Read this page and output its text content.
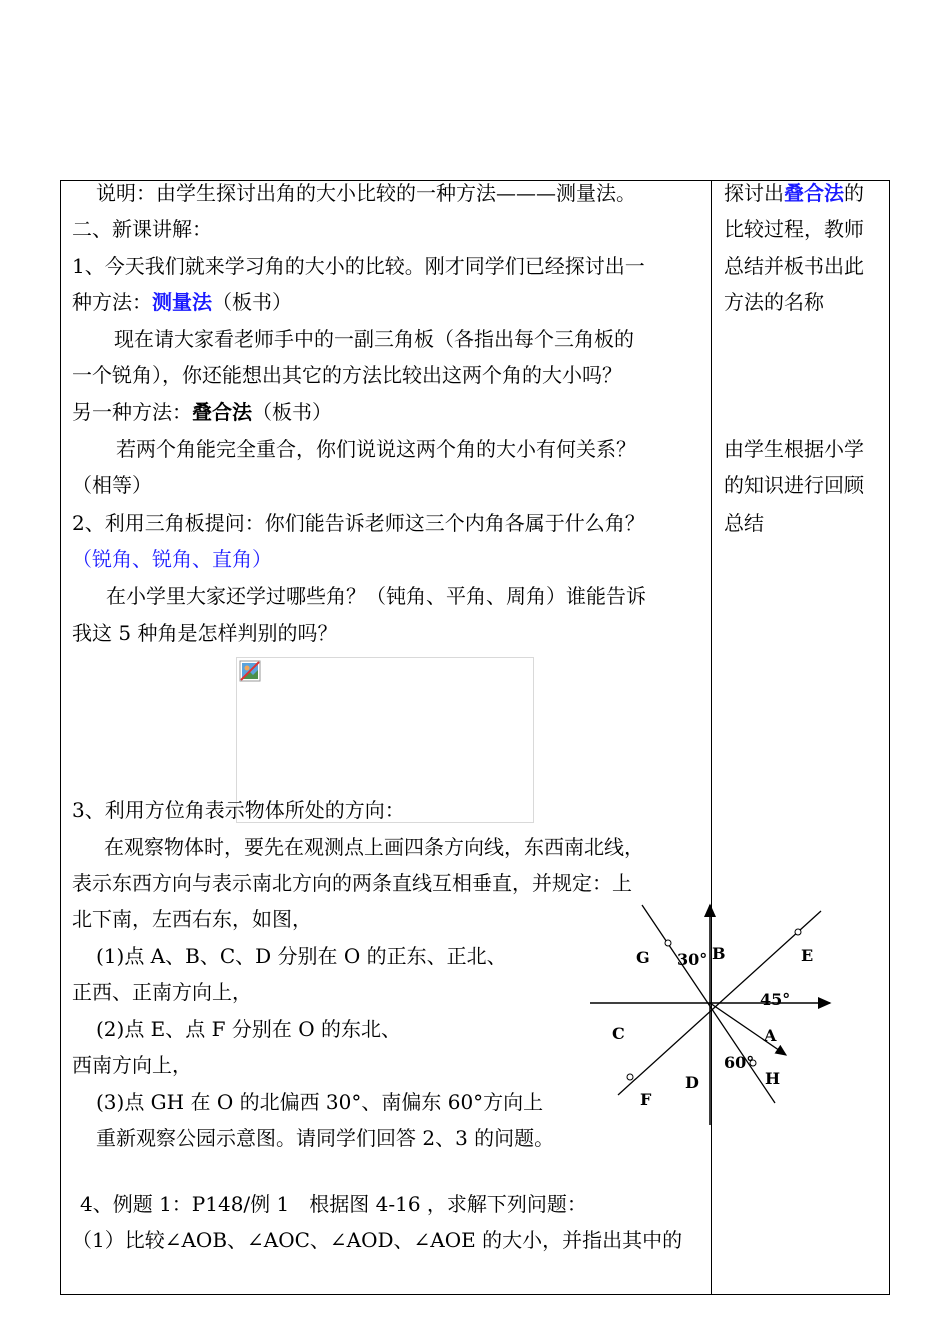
说明：由学生探讨出角的大小比较的一种方法———测量法。
二、新课讲解：
1、今天我们就来学习角的大小的比较。刚才同学们已经探讨出一
种方法：测量法（板书）
现在请大家看老师手中的一副三角板（各指出每个三角板的
一个锐角），你还能想出其它的方法比较出这两个角的大小吗？
另一种方法：叠合法（板书）
若两个角能完全重合，你们说说这两个角的大小有何关系？
（相等）
2、利用三角板提问：你们能告诉老师这三个内角各属于什么角？
（锐角、锐角、直角）
在小学里大家还学过哪些角？（钝角、平角、周角）谁能告诉
我这 5 种角是怎样判别的吗？
3、利用方位角表示物体所处的方向：
在观察物体时，要先在观测点上画四条方向线，东西南北线，
表示东西方向与表示南北方向的两条直线互相垂直，并规定：上
北下南，左西右东，如图，
(1)点 A、B、C、D 分别在 O 的正东、正北、
正西、正南方向上，
(2)点 E、点 F 分别在 O 的东北、
西南方向上，
(3)点 GH 在 O 的北偏西 30°、南偏东 60°方向上
重新观察公园示意图。请同学们回答 2、3 的问题。
4、例题 1：P148/例 1　根据图 4-16 ，求解下列问题：
（1）比较∠AOB、∠AOC、∠AOD、∠AOE 的大小，并指出其中的
探讨出叠合法的
比较过程，教师
总结并板书出此
方法的名称
由学生根据小学
的知识进行回顾
总结
G 30° B	E
45°
C	A
60°
H
D
F
